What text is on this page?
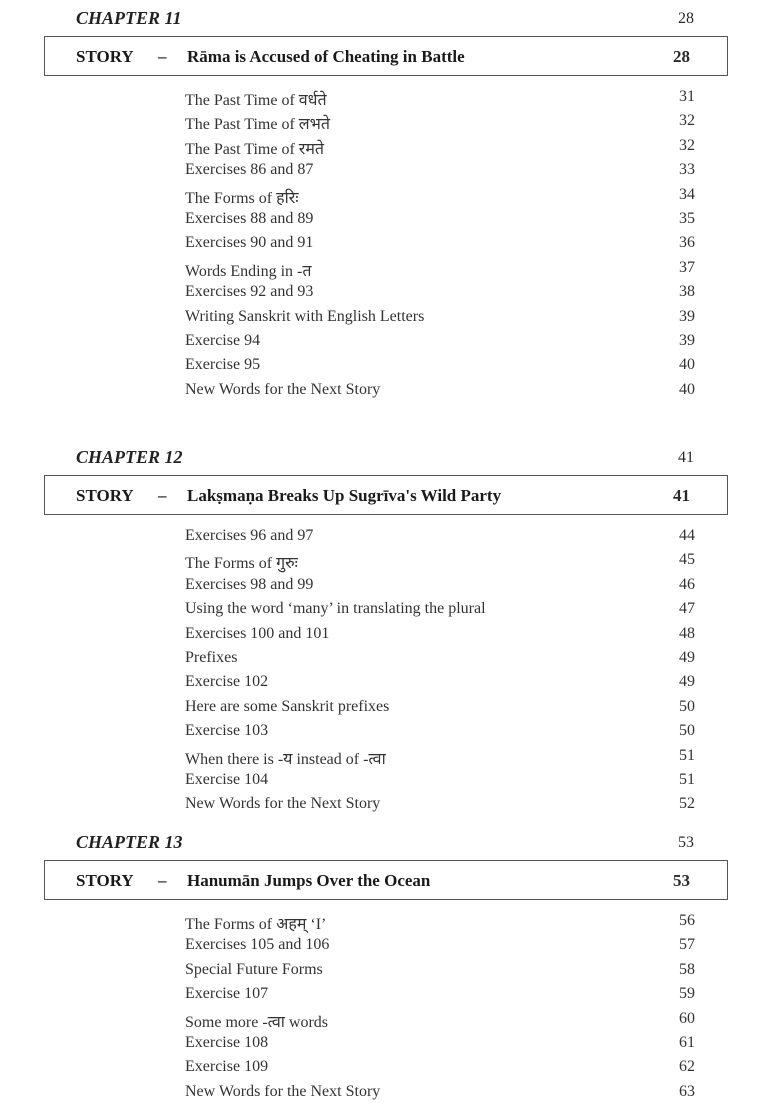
CHAPTER 11	28
STORY – Rāma is Accused of Cheating in Battle	28
The Past Time of वर्धते	31
The Past Time of लभते	32
The Past Time of रमते	32
Exercises 86 and 87	33
The Forms of हरिः	34
Exercises 88 and 89	35
Exercises 90 and 91	36
Words Ending in -त	37
Exercises 92 and 93	38
Writing Sanskrit with English Letters	39
Exercise 94	39
Exercise 95	40
New Words for the Next Story	40
CHAPTER 12	41
STORY – Lakṣmaṇa Breaks Up Sugrīva's Wild Party	41
Exercises 96 and 97	44
The Forms of गुरुः	45
Exercises 98 and 99	46
Using the word ‘many’ in translating the plural	47
Exercises 100 and 101	48
Prefixes	49
Exercise 102	49
Here are some Sanskrit prefixes	50
Exercise 103	50
When there is -य instead of -त्वा	51
Exercise 104	51
New Words for the Next Story	52
CHAPTER 13	53
STORY – Hanumān Jumps Over the Ocean	53
The Forms of अहम् ‘I’	56
Exercises 105 and 106	57
Special Future Forms	58
Exercise 107	59
Some more -त्वा words	60
Exercise 108	61
Exercise 109	62
New Words for the Next Story	63
